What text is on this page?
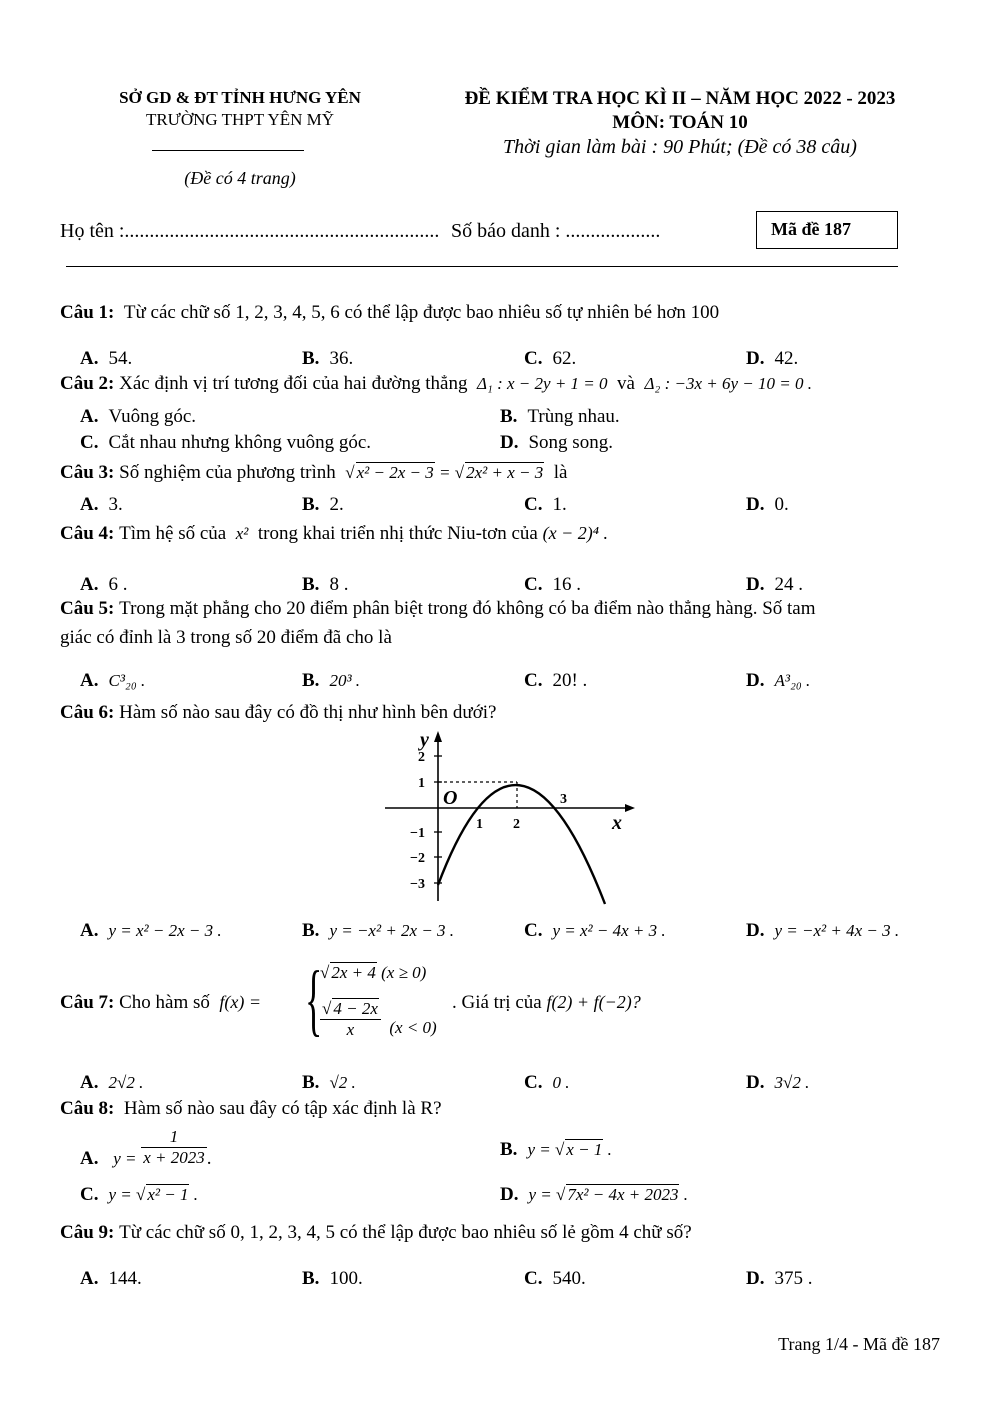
SỞ GD & ĐT TỈNH HƯNG YÊN
TRƯỜNG THPT YÊN MỸ
(Đề có 4 trang)
ĐỀ KIỂM TRA HỌC KÌ II – NĂM HỌC 2022 - 2023
MÔN: TOÁN 10
Thời gian làm bài : 90 Phút; (Đề có 38 câu)
Họ tên :............................................................... Số báo danh : ...................	Mã đề 187
Câu 1: Từ các chữ số 1, 2, 3, 4, 5, 6 có thể lập được bao nhiêu số tự nhiên bé hơn 100
A. 54.	B. 36.	C. 62.	D. 42.
Câu 2: Xác định vị trí tương đối của hai đường thẳng Δ₁ : x − 2y + 1 = 0 và Δ₂ : −3x + 6y − 10 = 0 .
A. Vuông góc.	B. Trùng nhau.
C. Cắt nhau nhưng không vuông góc.	D. Song song.
Câu 3: Số nghiệm của phương trình √ x² − 2x − 3 = √ 2x² + x − 3 là
A. 3.	B. 2.	C. 1.	D. 0.
Câu 4: Tìm hệ số của x² trong khai triển nhị thức Niu-tơn của (x − 2)⁴ .
A. 6 .	B. 8 .	C. 16 .	D. 24 .
Câu 5: Trong mặt phẳng cho 20 điểm phân biệt trong đó không có ba điểm nào thẳng hàng. Số tam
giác có đỉnh là 3 trong số 20 điểm đã cho là
A. C³₂₀ .	B. 20³ .	C. 20! .	D. A³₂₀ .
Câu 6: Hàm số nào sau đây có đồ thị như hình bên dưới?
y
2
1
−1
−2
−3
O
1 2
3
x
A. y = x² − 2x − 3 .	B. y = −x² + 2x − 3 .	C. y = x² − 4x + 3 .	D. y = −x² + 4x − 3 .
Câu 7: Cho hàm số f(x) = {
√ 2x + 4 (x ≥ 0)
$\frac{√ 4 - 2x}{x} (x < 0)$
. Giá trị của f(2) + f(−2)?
A. 2√2 .	B. √2 .	C. 0 .	D. 3√2 .
Câu 8: Hàm số nào sau đây có tập xác định là R?
A. $y = \frac{1}{x + 2023}$ .	B. y = √ x − 1 .
C. y = √ x² − 1 .	D. y = √ 7x² − 4x + 2023 .
Câu 9: Từ các chữ số 0, 1, 2, 3, 4, 5 có thể lập được bao nhiêu số lẻ gồm 4 chữ số?
A. 144.	B. 100.	C. 540.	D. 375 .
Trang 1/4 - Mã đề 187
